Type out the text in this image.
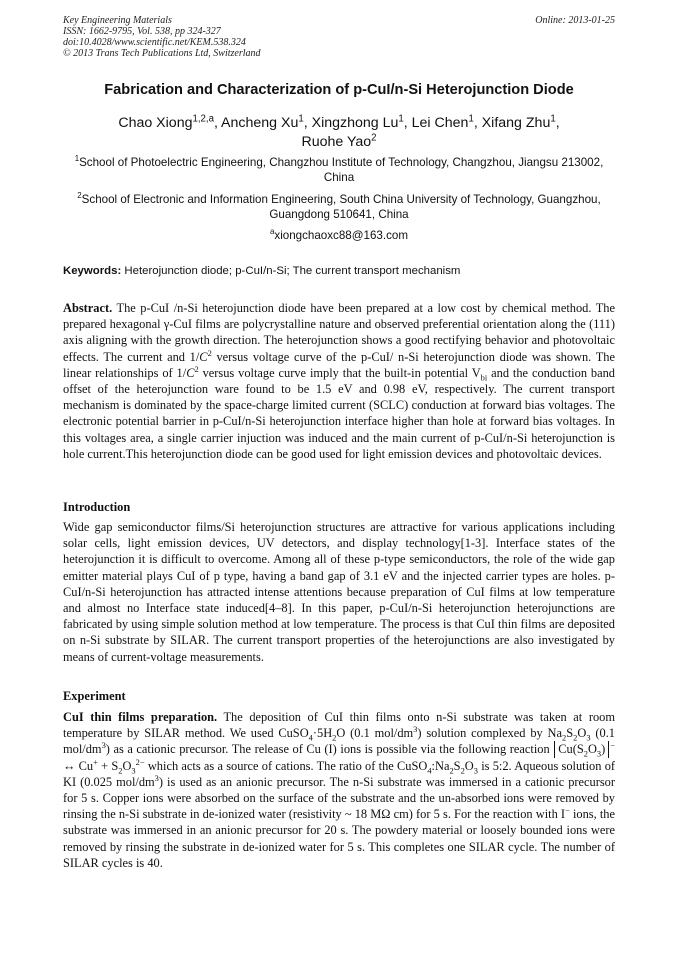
Key Engineering Materials
ISSN: 1662-9795, Vol. 538, pp 324-327
doi:10.4028/www.scientific.net/KEM.538.324
© 2013 Trans Tech Publications Ltd, Switzerland
Online: 2013-01-25
Fabrication and Characterization of p-CuI/n-Si Heterojunction Diode
Chao Xiong$^{1,2,a}$, Ancheng Xu$^1$, Xingzhong Lu$^1$, Lei Chen$^1$, Xifang Zhu$^1$,
Ruohe Yao$^2$
$^1$School of Photoelectric Engineering, Changzhou Institute of Technology, Changzhou, Jiangsu 213002, China
$^2$School of Electronic and Information Engineering, South China University of Technology, Guangzhou, Guangdong 510641, China
$^a$xiongchaoxc88@163.com
Keywords: Heterojunction diode; p-CuI/n-Si; The current transport mechanism
Abstract. The p-CuI /n-Si heterojunction diode have been prepared at a low cost by chemical method. The prepared hexagonal γ-CuI films are polycrystalline nature and observed preferential orientation along the (111) axis aligning with the growth direction. The heterojunction shows a good rectifying behavior and photovoltaic effects. The current and $1/C^2$ versus voltage curve of the p-CuI/ n-Si heterojunction diode was shown. The linear relationships of $1/C^2$ versus voltage curve imply that the built-in potential $V_{bi}$ and the conduction band offset of the heterojunction ware found to be 1.5 eV and 0.98 eV, respectively. The current transport mechanism is dominated by the space-charge limited current (SCLC) conduction at forward bias voltages. The electronic potential barrier in p-CuI/n-Si heterojunction interface higher than hole at forward bias voltages. In this voltages area, a single carrier injuction was induced and the main current of p-CuI/n-Si heterojunction is hole current.This heterojunction diode can be good used for light emission devices and photovoltaic devices.
Introduction
Wide gap semiconductor films/Si heterojunction structures are attractive for various applications including solar cells, light emission devices, UV detectors, and display technology[1-3]. Interface states of the heterojunction it is difficult to overcome. Among all of these p-type semiconductors, the role of the wide gap emitter material plays CuI of p type, having a band gap of 3.1 eV and the injected carrier types are holes. p-CuI/n-Si heterojunction has attracted intense attentions because preparation of CuI films at low temperature and almost no Interface state induced[4–8]. In this paper, p-CuI/n-Si heterojunction heterojunctions are fabricated by using simple solution method at low temperature. The process is that CuI thin films are deposited on n-Si substrate by SILAR. The current transport properties of the heterojunctions are also investigated by means of current-voltage measurements.
Experiment
CuI thin films preparation. The deposition of CuI thin films onto n-Si substrate was taken at room temperature by SILAR method. We used $CuSO_4\cdot 5H_2O$ (0.1 mol/$dm^3$) solution complexed by $Na_2S_2O_3$ (0.1 mol/$dm^3$) as a cationic precursor. The release of Cu (I) ions is possible via the following reaction $Cu(S_2O_3)$ − ↔ $Cu^+ + S_2O_3^{2-}$ which acts as a source of cations. The ratio of the $CuSO_4:Na_2S_2O_3$ is 5:2. Aqueous solution of KI (0.025 mol/$dm^3$) is used as an anionic precursor. The n-Si substrate was immersed in a cationic precursor for 5 s. Copper ions were absorbed on the surface of the substrate and the un-absorbed ions were removed by rinsing the n-Si substrate in de-ionized water (resistivity ~ 18 MΩ cm) for 5 s. For the reaction with I− ions, the substrate was immersed in an anionic precursor for 20 s. The powdery material or loosely bounded ions were removed by rinsing the substrate in de-ionized water for 5 s. This completes one SILAR cycle. The number of SILAR cycles is 40.
